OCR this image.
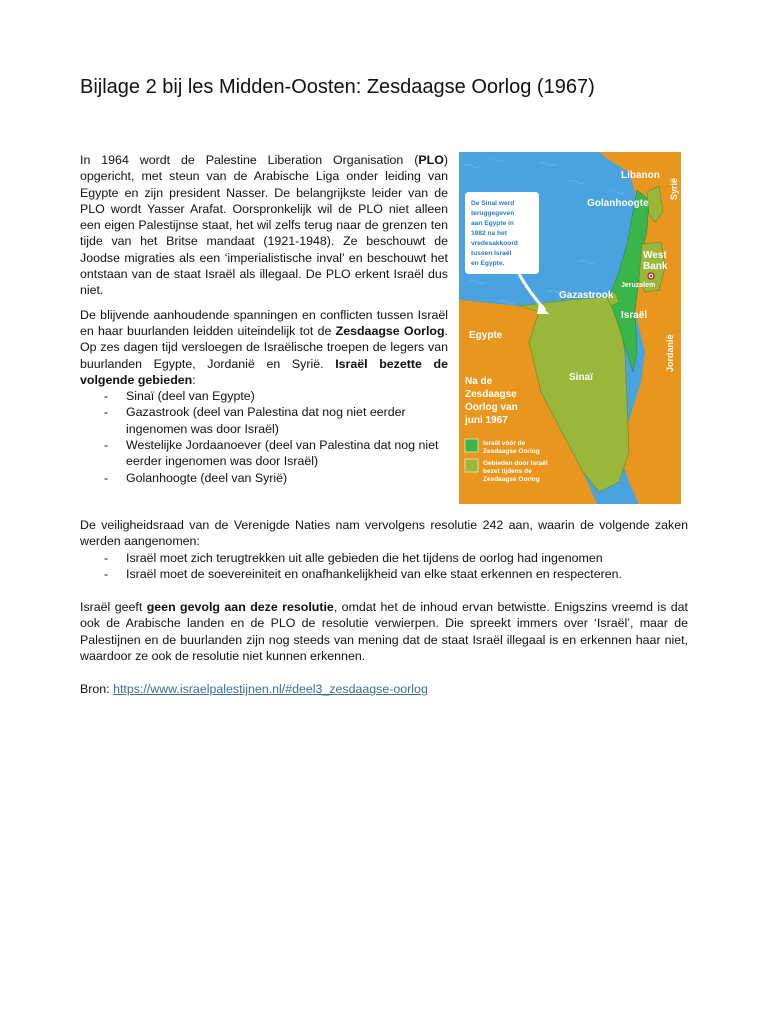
Bijlage 2 bij les Midden-Oosten: Zesdaagse Oorlog (1967)

In 1964 wordt de Palestine Liberation Organisation (PLO) opgericht, met steun van de Arabische Liga onder leiding van Egypte en zijn president Nasser. De belangrijkste leider van de PLO wordt Yasser Arafat. Oorspronkelijk wil de PLO niet alleen een eigen Palestijnse staat, het wil zelfs terug naar de grenzen ten tijde van het Britse mandaat (1921-1948). Ze beschouwt de Joodse migraties als een ‘imperialistische inval’ en beschouwt het ontstaan van de staat Israël als illegaal. De PLO erkent Israël dus niet.

De blijvende aanhoudende spanningen en conflicten tussen Israël en haar buurlanden leidden uiteindelijk tot de Zesdaagse Oorlog. Op zes dagen tijd versloegen de Israëlische troepen de legers van buurlanden Egypte, Jordanië en Syrië. Israël bezette de volgende gebieden:

- Sinaï (deel van Egypte)
- Gazastrook (deel van Palestina dat nog niet eerder ingenomen was door Israël)
- Westelijke Jordaanoever (deel van Palestina dat nog niet eerder ingenomen was door Israël)
- Golanhoogte (deel van Syrië)
Libanon
Syrië
Golanhoogte
West
Bank
Jeruzalem
Gazastrook
Israël
Egypte	Jordanië
Sinaï
De Sinaï werd
teruggegeven
aan Egypte in
1982 na het
vredesakkoord
tussen Israël
en Egypte.
Na de
Zesdaagse
Oorlog van
juni 1967
Israël vóór de
Zesdaagse Oorlog
Gebieden door Israël
bezet tijdens de
Zesdaagse Oorlog

De veiligheidsraad van de Verenigde Naties nam vervolgens resolutie 242 aan, waarin de volgende zaken werden aangenomen:

- Israël moet zich terugtrekken uit alle gebieden die het tijdens de oorlog had ingenomen
- Israël moet de soevereiniteit en onafhankelijkheid van elke staat erkennen en respecteren.

Israël geeft geen gevolg aan deze resolutie, omdat het de inhoud ervan betwistte. Enigszins vreemd is dat ook de Arabische landen en de PLO de resolutie verwierpen. Die spreekt immers over ‘Israël’, maar de Palestijnen en de buurlanden zijn nog steeds van mening dat de staat Israël illegaal is en erkennen haar niet, waardoor ze ook de resolutie niet kunnen erkennen.

Bron: https://www.israelpalestijnen.nl/#deel3_zesdaagse-oorlog
